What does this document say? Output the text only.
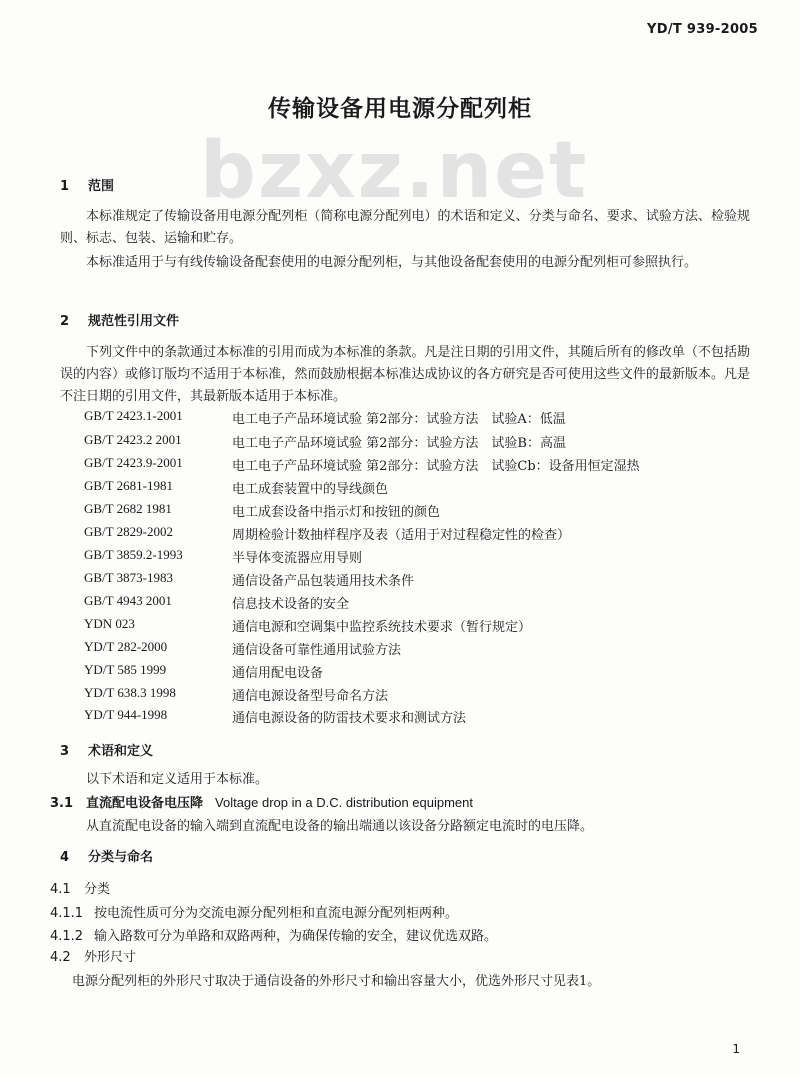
YD/T 939-2005
传输设备用电源分配列柜
bzxz.net
1 范围
本标准规定了传输设备用电源分配列柜（简称电源分配列电）的术语和定义、分类与命名、要求、试验方法、检验规则、标志、包装、运输和贮存。
本标准适用于与有线传输设备配套使用的电源分配列柜，与其他设备配套使用的电源分配列柜可参照执行。
2 规范性引用文件
下列文件中的条款通过本标准的引用而成为本标准的条款。凡是注日期的引用文件，其随后所有的修改单（不包括勘误的内容）或修订版均不适用于本标准，然而鼓励根据本标准达成协议的各方研究是否可使用这些文件的最新版本。凡是不注日期的引用文件，其最新版本适用于本标准。
GB/T 2423.1-2001	电工电子产品环境试验 第2部分：试验方法　试验A：低温
GB/T 2423.2 2001	电工电子产品环境试验 第2部分：试验方法　试验B：高温
GB/T 2423.9-2001	电工电子产品环境试验 第2部分：试验方法　试验Cb：设备用恒定湿热
GB/T 2681-1981	电工成套装置中的导线颜色
GB/T 2682 1981	电工成套设备中指示灯和按钮的颜色
GB/T 2829-2002	周期检验计数抽样程序及表（适用于对过程稳定性的检查）
GB/T 3859.2-1993	半导体变流器应用导则
GB/T 3873-1983	通信设备产品包装通用技术条件
GB/T 4943 2001	信息技术设备的安全
YDN 023	通信电源和空调集中监控系统技术要求（暂行规定）
YD/T 282-2000	通信设备可靠性通用试验方法
YD/T 585 1999	通信用配电设备
YD/T 638.3 1998	通信电源设备型号命名方法
YD/T 944-1998	通信电源设备的防雷技术要求和测试方法
3 术语和定义
以下术语和定义适用于本标准。
3.1 直流配电设备电压降 Voltage drop in a D.C. distribution equipment
从直流配电设备的输入端到直流配电设备的输出端通以该设备分路额定电流时的电压降。
4 分类与命名
4.1 分类
4.1.1 按电流性质可分为交流电源分配列柜和直流电源分配列柜两种。
4.1.2 输入路数可分为单路和双路两种，为确保传输的安全，建议优选双路。
4.2 外形尺寸
电源分配列柜的外形尺寸取决于通信设备的外形尺寸和输出容量大小，优选外形尺寸见表1。
1
